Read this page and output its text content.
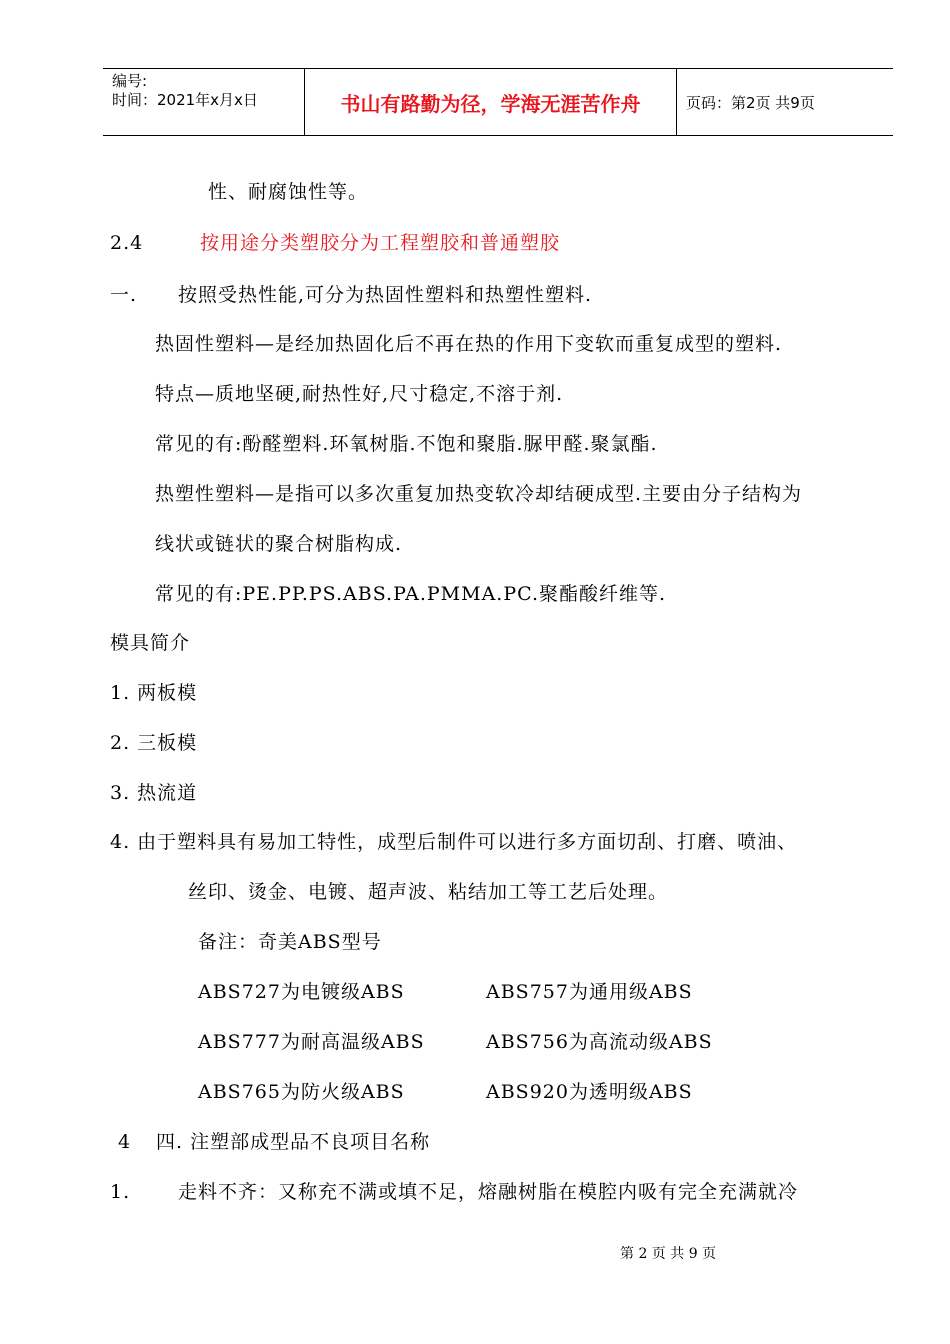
编号:
时间：2021年x月x日	书山有路勤为径，学海无涯苦作舟	页码：第2页 共9页
性、耐腐蚀性等。
2.4	按用途分类塑胶分为工程塑胶和普通塑胶
一. 按照受热性能,可分为热固性塑料和热塑性塑料.
热固性塑料—是经加热固化后不再在热的作用下变软而重复成型的塑料.
特点—质地坚硬,耐热性好,尺寸稳定,不溶于剂.
常见的有:酚醛塑料.环氧树脂.不饱和聚脂.脲甲醛.聚氯酯.
热塑性塑料—是指可以多次重复加热变软冷却结硬成型.主要由分子结构为
线状或链状的聚合树脂构成.
常见的有:PE.PP.PS.ABS.PA.PMMA.PC.聚酯酸纤维等.
模具简介
1. 两板模
2. 三板模
3. 热流道
4. 由于塑料具有易加工特性，成型后制件可以进行多方面切刮、打磨、喷油、
丝印、烫金、电镀、超声波、粘结加工等工艺后处理。
备注：奇美ABS型号
ABS727为电镀级ABS	ABS757为通用级ABS
ABS777为耐高温级ABS	ABS756为高流动级ABS
ABS765为防火级ABS	ABS920为透明级ABS
4 四. 注塑部成型品不良项目名称
1.	走料不齐：又称充不满或填不足，熔融树脂在模腔内吸有完全充满就冷
第 2 页 共 9 页
